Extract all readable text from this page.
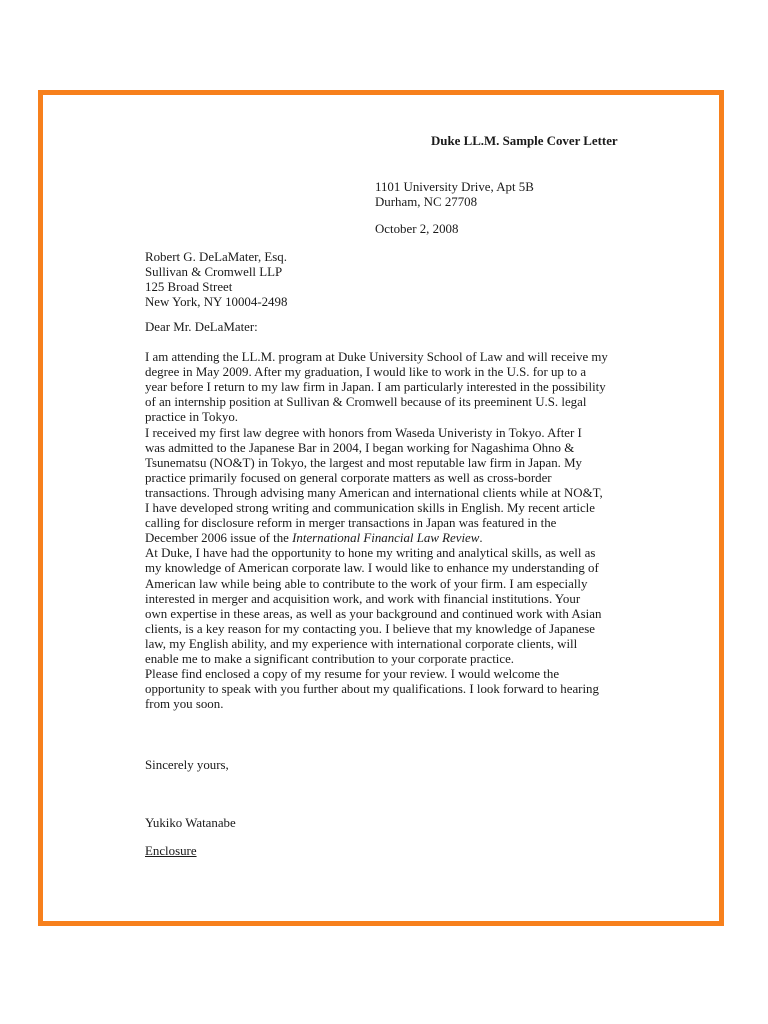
Duke LL.M. Sample Cover Letter
1101 University Drive, Apt 5B
Durham, NC 27708
October 2, 2008
Robert G. DeLaMater, Esq.
Sullivan & Cromwell LLP
125 Broad Street
New York, NY 10004-2498

Dear Mr. DeLaMater:

I am attending the LL.M. program at Duke University School of Law and will receive my
degree in May 2009. After my graduation, I would like to work in the U.S. for up to a
year before I return to my law firm in Japan. I am particularly interested in the possibility
of an internship position at Sullivan & Cromwell because of its preeminent U.S. legal
practice in Tokyo.

I received my first law degree with honors from Waseda Univeristy in Tokyo. After I
was admitted to the Japanese Bar in 2004, I began working for Nagashima Ohno &
Tsunematsu (NO&T) in Tokyo, the largest and most reputable law firm in Japan. My
practice primarily focused on general corporate matters as well as cross-border
transactions. Through advising many American and international clients while at NO&T,
I have developed strong writing and communication skills in English. My recent article
calling for disclosure reform in merger transactions in Japan was featured in the
December 2006 issue of the International Financial Law Review.

At Duke, I have had the opportunity to hone my writing and analytical skills, as well as
my knowledge of American corporate law. I would like to enhance my understanding of
American law while being able to contribute to the work of your firm. I am especially
interested in merger and acquisition work, and work with financial institutions. Your
own expertise in these areas, as well as your background and continued work with Asian
clients, is a key reason for my contacting you. I believe that my knowledge of Japanese
law, my English ability, and my experience with international corporate clients, will
enable me to make a significant contribution to your corporate practice.

Please find enclosed a copy of my resume for your review. I would welcome the
opportunity to speak with you further about my qualifications. I look forward to hearing
from you soon.

Sincerely yours,
Yukiko Watanabe
Enclosure
